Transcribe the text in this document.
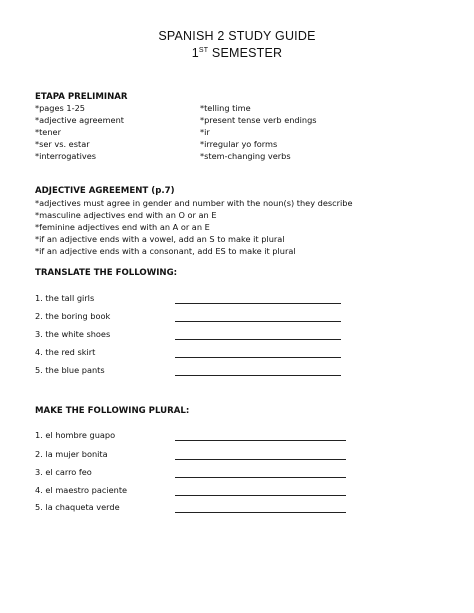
SPANISH 2 STUDY GUIDE
1ST SEMESTER
ETAPA PRELIMINAR
*pages 1-25
*adjective agreement
*tener
*ser vs. estar
*interrogatives
*telling time
*present tense verb endings
*ir
*irregular yo forms
*stem-changing verbs
ADJECTIVE AGREEMENT (p.7)
*adjectives must agree in gender and number with the noun(s) they describe
*masculine adjectives end with an O or an E
*feminine adjectives end with an A or an E
*if an adjective ends with a vowel, add an S to make it plural
*if an adjective ends with a consonant, add ES to make it plural
TRANSLATE THE FOLLOWING:
1. the tall girls
2. the boring book
3. the white shoes
4. the red skirt
5. the blue pants
MAKE THE FOLLOWING PLURAL:
1. el hombre guapo
2. la mujer bonita
3. el carro feo
4. el maestro paciente
5. la chaqueta verde
